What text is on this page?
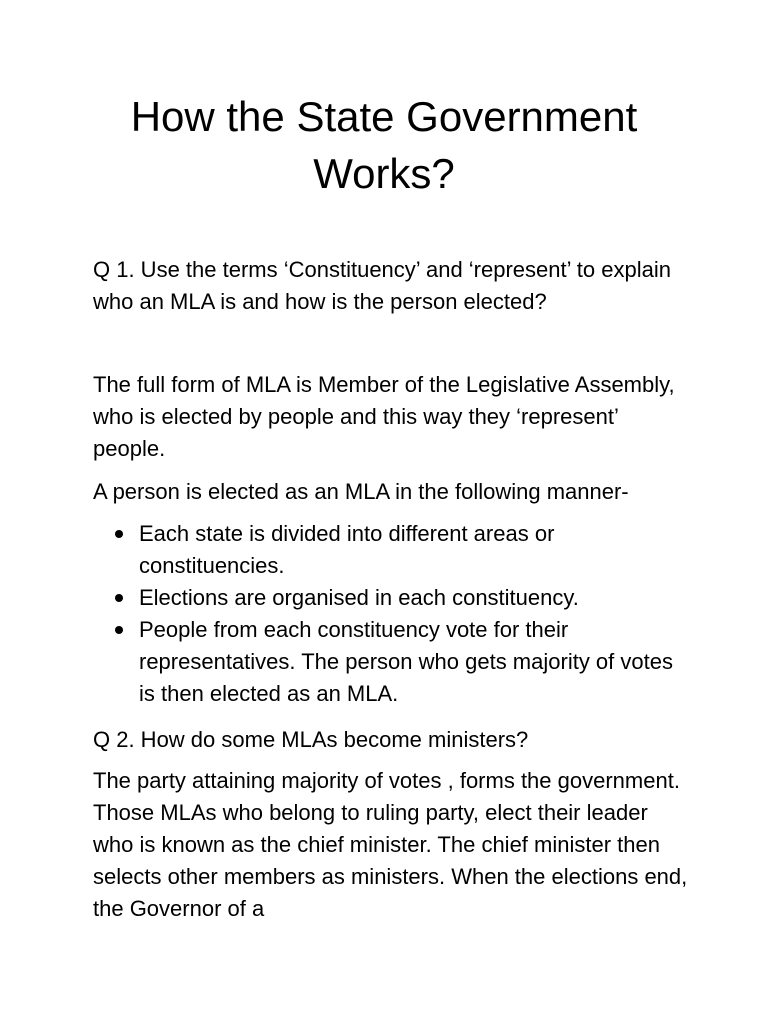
How the State Government
Works?

Q 1. Use the terms ‘Constituency’ and ‘represent’ to explain who an MLA is and how is the person elected?

The full form of MLA is Member of the Legislative Assembly, who is elected by people and this way they ‘represent’ people.

A person is elected as an MLA in the following manner-

Each state is divided into different areas or constituencies.
Elections are organised in each constituency.
People from each constituency vote for their representatives. The person who gets majority of votes is then elected as an MLA.

Q 2. How do some MLAs become ministers?

The party attaining majority of votes , forms the government. Those MLAs who belong to ruling party, elect their leader who is known as the chief minister. The chief minister then selects other members as ministers. When the elections end, the Governor of a
